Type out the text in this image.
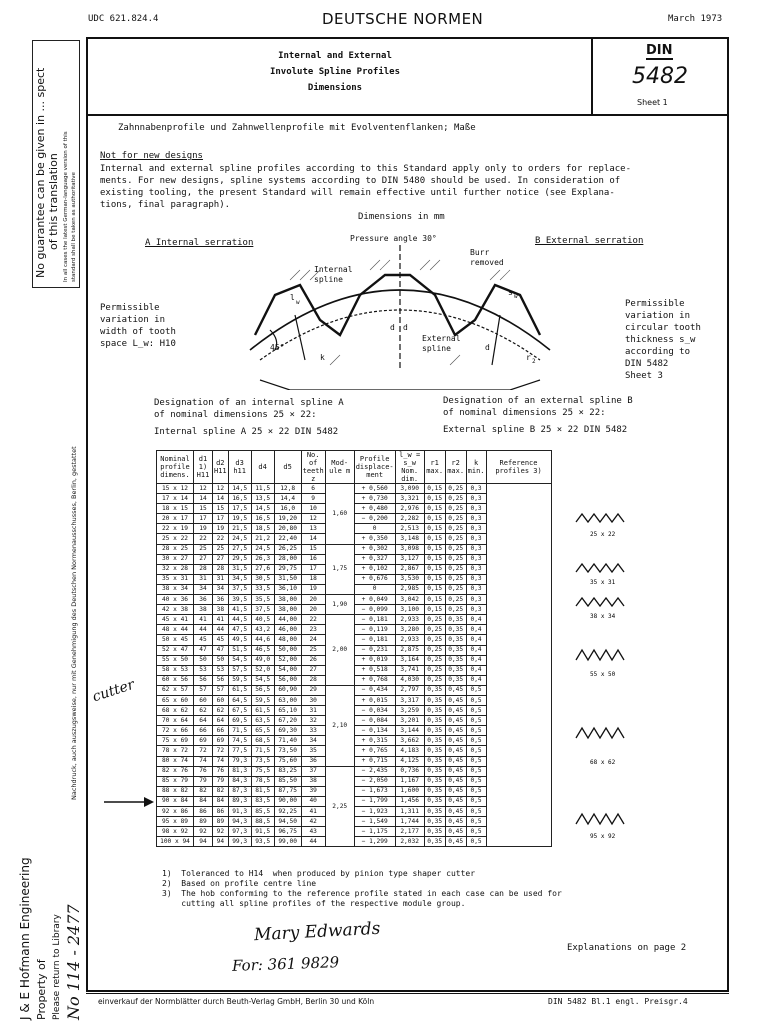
UDC 621.824.4	DEUTSCHE NORMEN	March 1973
Internal and External
Involute Spline Profiles
Dimensions
DIN
5482
Sheet 1
Zahnnabenprofile und Zahnwellenprofile mit Evolventenflanken; Maße
Not for new designs
Internal and external spline profiles according to this Standard apply only to orders for replace-
ments. For new designs, spline systems according to DIN 5480 should be used. In consideration of
existing tooling, the present Standard will remain effective until further notice (see Explana-
tions, final paragraph).
Dimensions in mm
A Internal serration	B External serration
Pressure angle 30°
Burr
removed
Internal
spline
External
spline
Permissible
variation in
width of tooth
space L_w: H10
Permissible
variation in
circular tooth
thickness s_w
according to
DIN 5482
Sheet 3
Designation of an internal spline A
of nominal dimensions 25 × 22:
Designation of an external spline B
of nominal dimensions 25 × 22:
Internal spline A 25 × 22 DIN 5482	External spline B 25 × 22 DIN 5482
l
w
45°
s w
d d
k
d
r 2
Nominal profile dimens.	d1 1) H11	d2 H11	d3 h11	d4	d5	No. of teeth z	Mod-ule m	Profile displace-ment	l_w = s_w Nom. dim.	r1 max.	r2 max.	k min.	Reference profiles 3)
15 x 12	12	12	14,5	11,5	12,8	6	1,60	+ 0,560	3,090	0,15	0,25	0,3	
17 x 14	14	14	16,5	13,5	14,4	9		+ 0,730	3,321	0,15	0,25	0,3	
18 x 15	15	15	17,5	14,5	16,0	10		+ 0,480	2,976	0,15	0,25	0,3	
20 x 17	17	17	19,5	16,5	19,20	12		− 0,200	2,282	0,15	0,25	0,3	
22 x 19	19	19	21,5	18,5	20,80	13		0	2,513	0,15	0,25	0,3	
25 x 22	22	22	24,5	21,2	22,40	14		+ 0,350	3,148	0,15	0,25	0,3	
28 x 25	25	25	27,5	24,5	26,25	15	1,75	+ 0,302	3,098	0,15	0,25	0,3	
30 x 27	27	27	29,5	26,3	28,00	16		+ 0,327	3,127	0,15	0,25	0,3	
32 x 28	28	28	31,5	27,6	29,75	17		+ 0,102	2,867	0,15	0,25	0,3	
35 x 31	31	31	34,5	30,5	31,50	18		+ 0,676	3,530	0,15	0,25	0,3	
38 x 34	34	34	37,5	33,5	36,10	19		0	2,985	0,15	0,25	0,3	
40 x 36	36	36	39,5	35,5	38,00	20	1,90	+ 0,049	3,042	0,15	0,25	0,3	
42 x 38	38	38	41,5	37,5	38,00	20		− 0,099	3,100	0,15	0,25	0,3	
45 x 41	41	41	44,5	40,5	44,00	22	2,00	− 0,181	2,933	0,25	0,35	0,4	
48 x 44	44	44	47,5	43,2	46,00	23		− 0,119	3,280	0,25	0,35	0,4	
50 x 45	45	45	49,5	44,6	48,00	24		− 0,181	2,933	0,25	0,35	0,4	
52 x 47	47	47	51,5	46,5	50,00	25		− 0,231	2,875	0,25	0,35	0,4	
55 x 50	50	50	54,5	49,0	52,00	26		+ 0,019	3,164	0,25	0,35	0,4	
58 x 53	53	53	57,5	52,0	54,00	27		+ 0,518	3,741	0,25	0,35	0,4	
60 x 56	56	56	59,5	54,5	56,00	28		+ 0,768	4,030	0,25	0,35	0,4	
62 x 57	57	57	61,5	56,5	60,90	29	2,10	− 0,434	2,797	0,35	0,45	0,5	
65 x 60	60	60	64,5	59,5	63,00	30		+ 0,015	3,317	0,35	0,45	0,5	
68 x 62	62	62	67,5	61,5	65,10	31		− 0,034	3,259	0,35	0,45	0,5	
70 x 64	64	64	69,5	63,5	67,20	32		− 0,084	3,201	0,35	0,45	0,5	
72 x 66	66	66	71,5	65,5	69,30	33		− 0,134	3,144	0,35	0,45	0,5	
75 x 69	69	69	74,5	68,5	71,40	34		+ 0,315	3,662	0,35	0,45	0,5	
78 x 72	72	72	77,5	71,5	73,50	35		+ 0,765	4,183	0,35	0,45	0,5	
80 x 74	74	74	79,3	73,5	75,60	36		+ 0,715	4,125	0,35	0,45	0,5	
82 x 76	76	76	81,3	75,5	83,25	37	2,25	− 2,435	0,736	0,35	0,45	0,5	
85 x 79	79	79	84,3	78,5	85,50	38		− 2,050	1,167	0,35	0,45	0,5	
88 x 82	82	82	87,3	81,5	87,75	39		− 1,673	1,600	0,35	0,45	0,5	
90 x 84	84	84	89,3	83,5	90,00	40		− 1,799	1,456	0,35	0,45	0,5	
92 x 86	86	86	91,3	85,5	92,25	41		− 1,923	1,311	0,35	0,45	0,5	
95 x 89	89	89	94,3	88,5	94,50	42		− 1,549	1,744	0,35	0,45	0,5	
98 x 92	92	92	97,3	91,5	96,75	43		− 1,175	2,177	0,35	0,45	0,5	
100 x 94	94	94	99,3	93,5	99,00	44		− 1,299	2,032	0,35	0,45	0,5	
25 x 22
35 x 31
38 x 34
55 x 50
68 x 62
95 x 92
1)  Toleranced to H14  when produced by pinion type shaper cutter
2)  Based on profile centre line
3)  The hob conforming to the reference profile stated in each case can be used for
cutting all spline profiles of the respective module group.
Explanations on page 2
einverkauf der Normblätter durch Beuth-Verlag GmbH, Berlin 30 und Köln	DIN 5482 Bl.1 engl. Preisgr.4
Mary Edwards
For: 361 9829
cutter
No guarantee can be given in ... spect of this translation In all cases the latest German-language version of this standard shall be taken as authoritative
Nachdruck, auch auszugsweise, nur mit Genehmigung des Deutschen Normenausschusses, Berlin, gestattet
J & E Hofmann Engineering Property of Please return to Library No 114 - 2477
